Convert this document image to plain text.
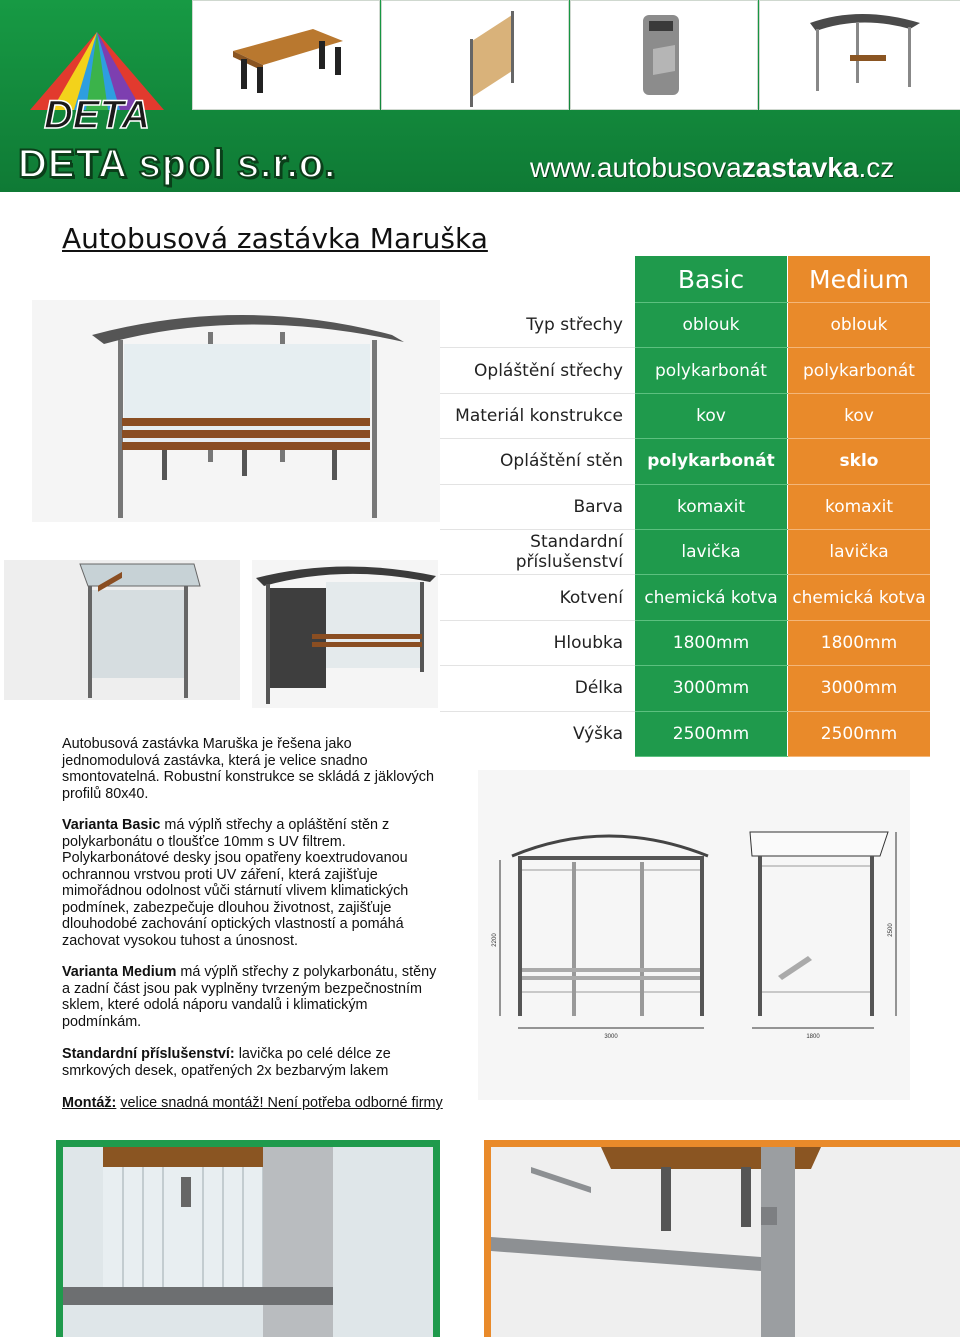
DETA
DETA spol s.r.o.	www.autobusovazastavka.cz
Autobusová zastávka Maruška
	Basic	Medium
Typ střechy	oblouk	oblouk
Opláštění střechy	polykarbonát	polykarbonát
Materiál konstrukce	kov	kov
Opláštění stěn	polykarbonát	sklo
Barva	komaxit	komaxit
Standardní příslušenství	lavička	lavička
Kotvení	chemická kotva	chemická kotva
Hloubka	1800mm	1800mm
Délka	3000mm	3000mm
Výška	2500mm	2500mm
Autobusová zastávka Maruška je řešena jako jednomodulová zastávka, která je velice snadno smontovatelná. Robustní konstrukce se skládá z jäklových profilů 80x40.
Varianta Basic má výplň střechy a opláštění stěn z polykarbonátu o tloušťce 10mm s UV filtrem. Polykarbonátové desky jsou opatřeny koextrudovanou ochrannou vrstvou proti UV záření, která zajišťuje mimořádnou odolnost vůči stárnutí vlivem klimatických podmínek, zabezpečuje dlouhou životnost, zajišťuje dlouhodobé zachování optických vlastností a pomáhá zachovat vysokou tuhost a únosnost.
Varianta Medium má výplň střechy z polykarbonátu, stěny a zadní část jsou pak vyplněny tvrzeným bezpečnostním sklem, které odolá náporu vandalů i klimatickým podmínkám.
Standardní příslušenství: lavička po celé délce ze smrkových desek, opatřených 2x bezbarvým lakem
Montáž: velice snadná montáž! Není potřeba odborné firmy
3000
2200
1800
2500
